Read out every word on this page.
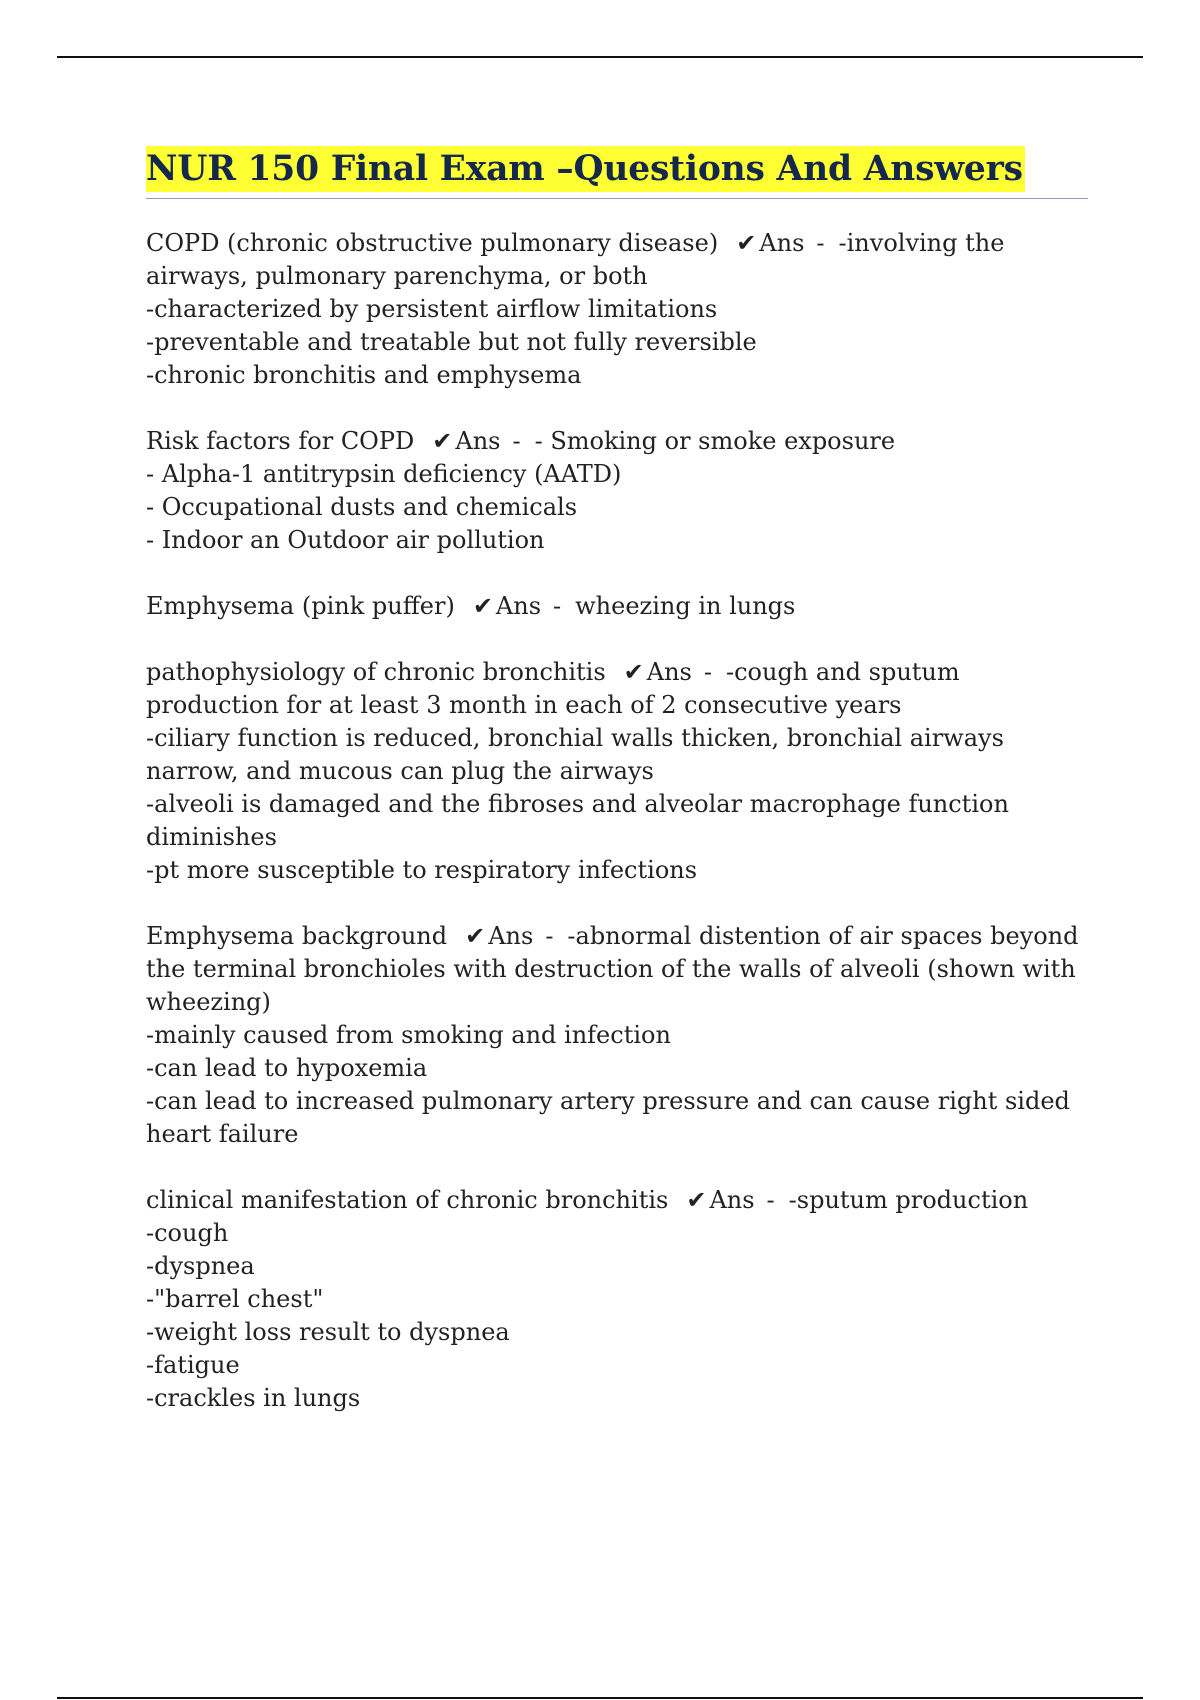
NUR 150 Final Exam –Questions And Answers
COPD (chronic obstructive pulmonary disease) ✔ Ans - -involving the
airways, pulmonary parenchyma, or both
-characterized by persistent airflow limitations
-preventable and treatable but not fully reversible
-chronic bronchitis and emphysema
Risk factors for COPD ✔ Ans - - Smoking or smoke exposure
- Alpha-1 antitrypsin deficiency (AATD)
- Occupational dusts and chemicals
- Indoor an Outdoor air pollution
Emphysema (pink puffer) ✔ Ans - wheezing in lungs
pathophysiology of chronic bronchitis ✔ Ans - -cough and sputum
production for at least 3 month in each of 2 consecutive years
-ciliary function is reduced, bronchial walls thicken, bronchial airways
narrow, and mucous can plug the airways
-alveoli is damaged and the fibroses and alveolar macrophage function
diminishes
-pt more susceptible to respiratory infections
Emphysema background ✔ Ans - -abnormal distention of air spaces beyond
the terminal bronchioles with destruction of the walls of alveoli (shown with
wheezing)
-mainly caused from smoking and infection
-can lead to hypoxemia
-can lead to increased pulmonary artery pressure and can cause right sided
heart failure
clinical manifestation of chronic bronchitis ✔ Ans - -sputum production
-cough
-dyspnea
-"barrel chest"
-weight loss result to dyspnea
-fatigue
-crackles in lungs
